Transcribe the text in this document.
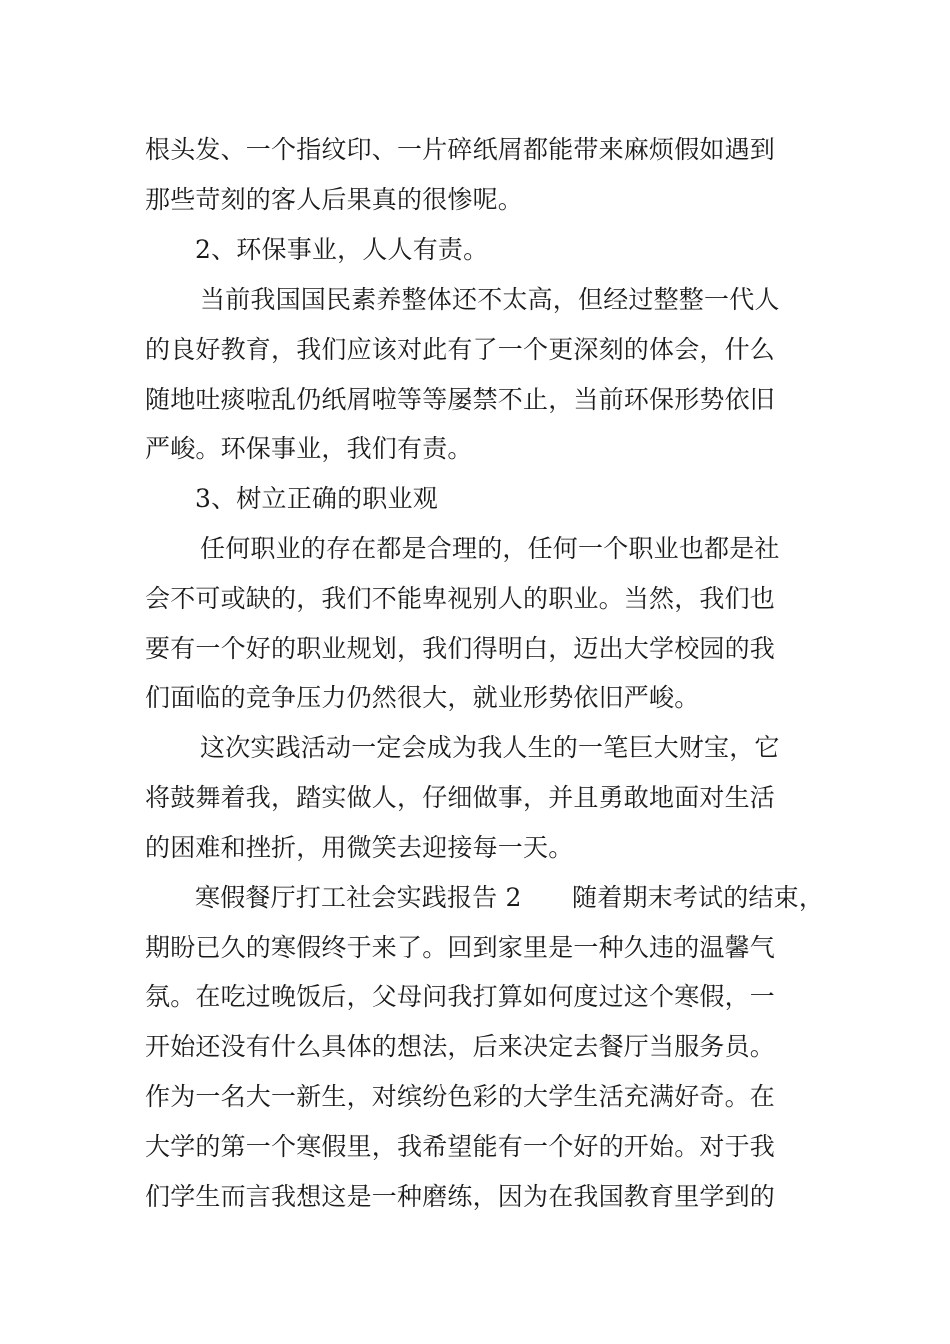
根头发、一个指纹印、一片碎纸屑都能带来麻烦假如遇到
那些苛刻的客人后果真的很惨呢。
2、环保事业，人人有责。
当前我国国民素养整体还不太高，但经过整整一代人
的良好教育，我们应该对此有了一个更深刻的体会，什么
随地吐痰啦乱仍纸屑啦等等屡禁不止，当前环保形势依旧
严峻。环保事业，我们有责。
3、树立正确的职业观
任何职业的存在都是合理的，任何一个职业也都是社
会不可或缺的，我们不能卑视别人的职业。当然，我们也
要有一个好的职业规划，我们得明白，迈出大学校园的我
们面临的竞争压力仍然很大，就业形势依旧严峻。
这次实践活动一定会成为我人生的一笔巨大财宝，它
将鼓舞着我，踏实做人，仔细做事，并且勇敢地面对生活
的困难和挫折，用微笑去迎接每一天。
寒假餐厅打工社会实践报告 2　　随着期末考试的结束，
期盼已久的寒假终于来了。回到家里是一种久违的温馨气
氛。在吃过晚饭后，父母问我打算如何度过这个寒假，一
开始还没有什么具体的想法，后来决定去餐厅当服务员。
作为一名大一新生，对缤纷色彩的大学生活充满好奇。在
大学的第一个寒假里，我希望能有一个好的开始。对于我
们学生而言我想这是一种磨练，因为在我国教育里学到的
